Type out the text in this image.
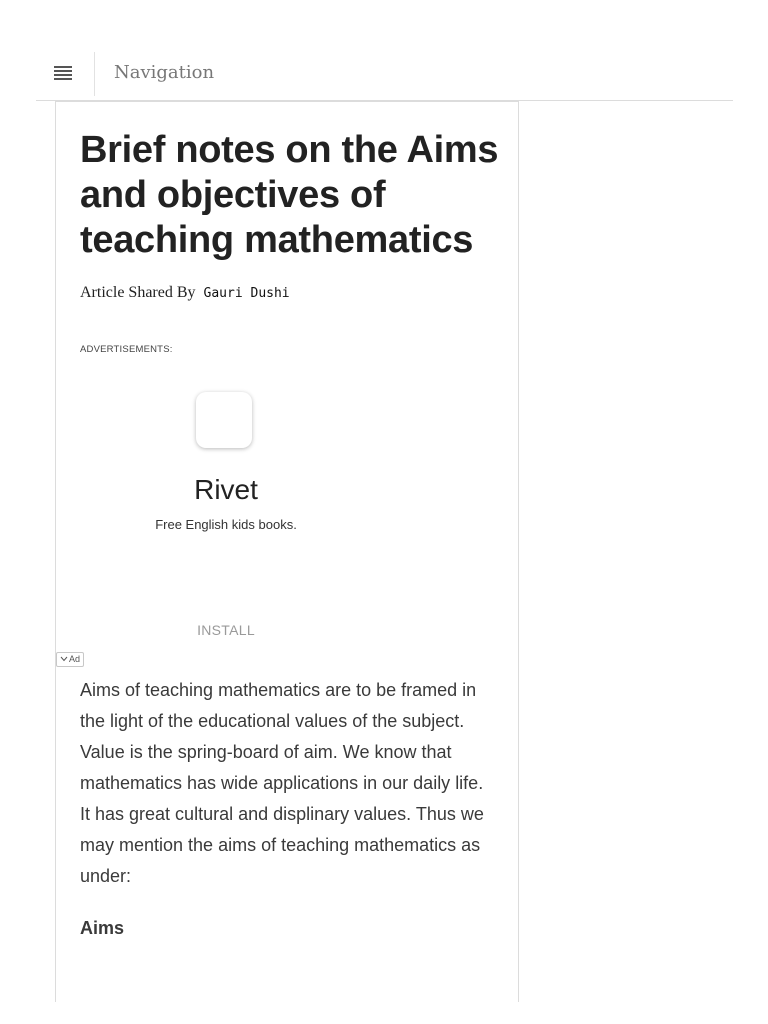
Navigation
Brief notes on the Aims and objectives of teaching mathematics
Article Shared By Gauri Dushi
ADVERTISEMENTS:
Rivet
Free English kids books.
INSTALL
Ad

Aims of teaching mathematics are to be framed in the light of the educational values of the subject. Value is the spring-board of aim. We know that mathematics has wide applications in our daily life. It has great cultural and displinary values. Thus we may mention the aims of teaching mathematics as under:

Aims
